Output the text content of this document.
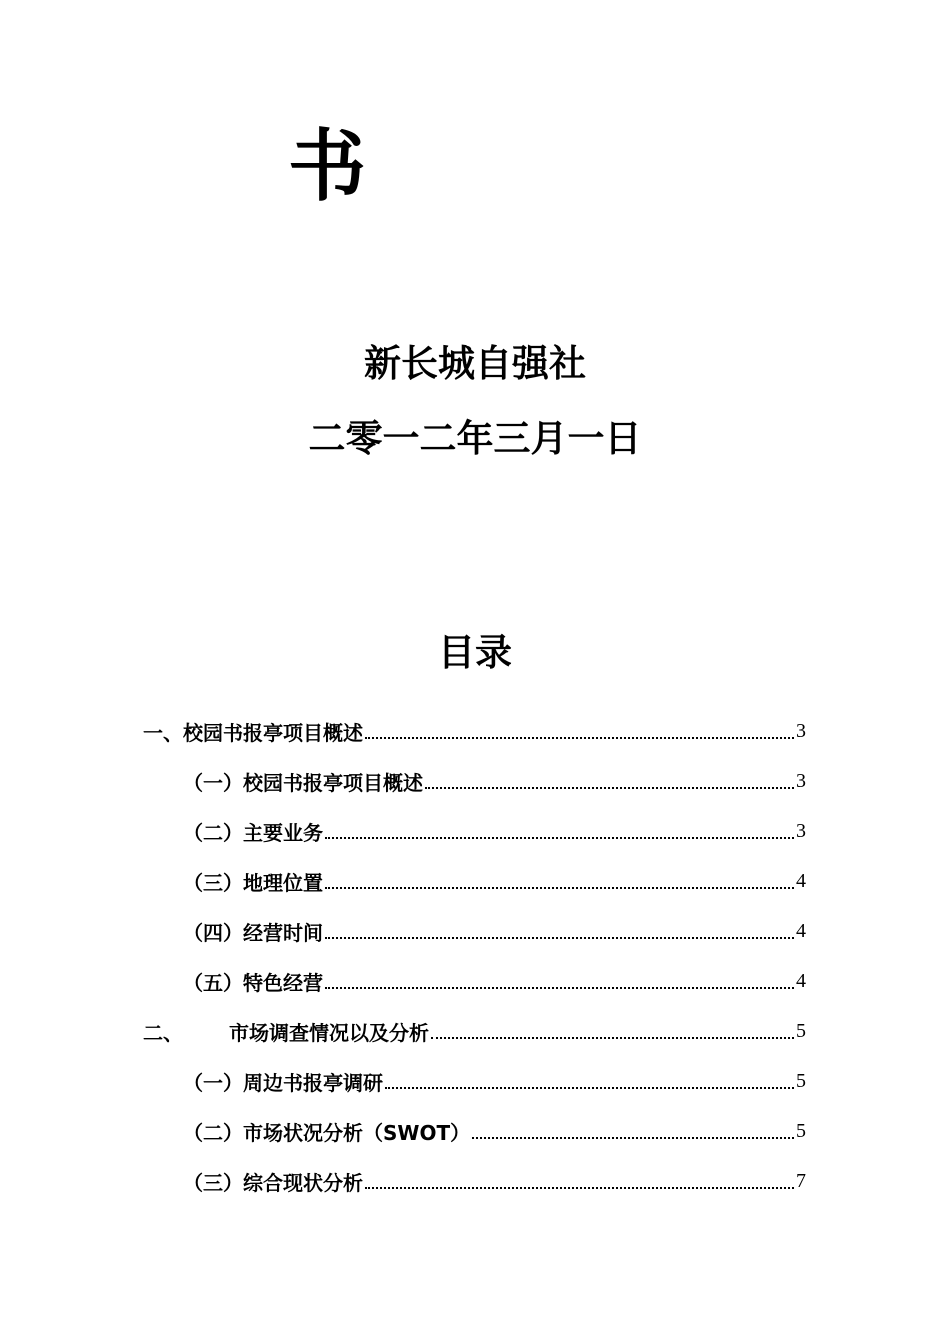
书
新长城自强社
二零一二年三月一日
目录
一、校园书报亭项目概述	3
（一）校园书报亭项目概述	3
（二）主要业务	3
（三）地理位置	4
（四）经营时间	4
（五）特色经营	4
二、 市场调查情况以及分析	5
（一）周边书报亭调研	5
（二）市场状况分析（SWOT）	5
（三）综合现状分析	7
